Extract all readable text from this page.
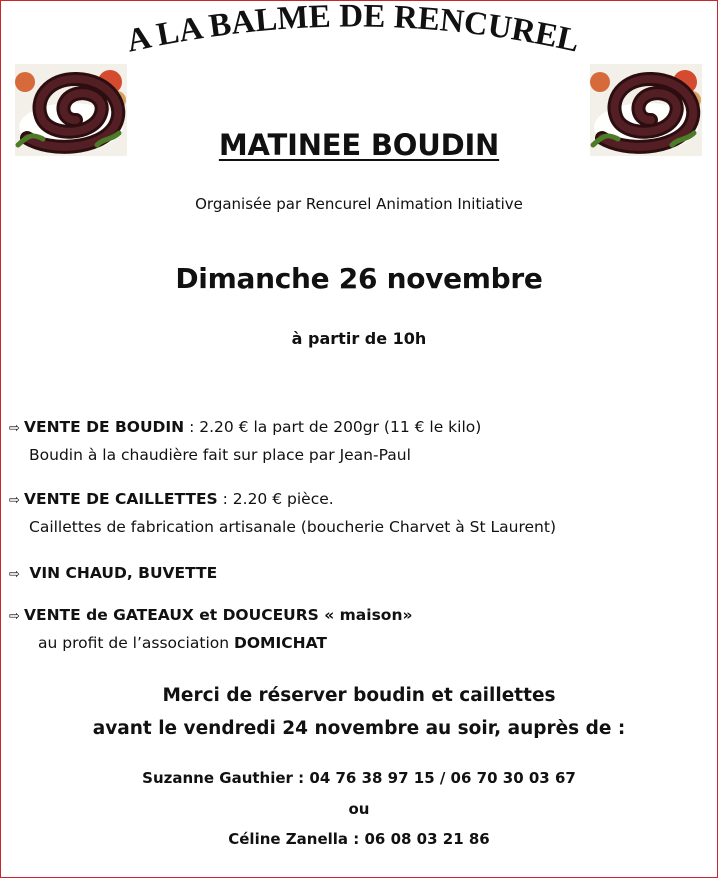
A LA BALME DE RENCUREL
MATINEE BOUDIN
Organisée par Rencurel Animation Initiative
Dimanche 26 novembre
à partir de 10h
⇨ VENTE DE BOUDIN : 2.20 € la part de 200gr (11 € le kilo)
Boudin à la chaudière fait sur place par Jean-Paul
⇨ VENTE DE CAILLETTES : 2.20 € pièce.
Caillettes de fabrication artisanale (boucherie Charvet à St Laurent)
⇨ VIN CHAUD, BUVETTE
⇨ VENTE de GATEAUX et DOUCEURS « maison»
au profit de l’association DOMICHAT
Merci de réserver boudin et caillettes
avant le vendredi 24 novembre au soir, auprès de :
Suzanne Gauthier : 04 76 38 97 15 / 06 70 30 03 67
ou
Céline Zanella : 06 08 03 21 86
